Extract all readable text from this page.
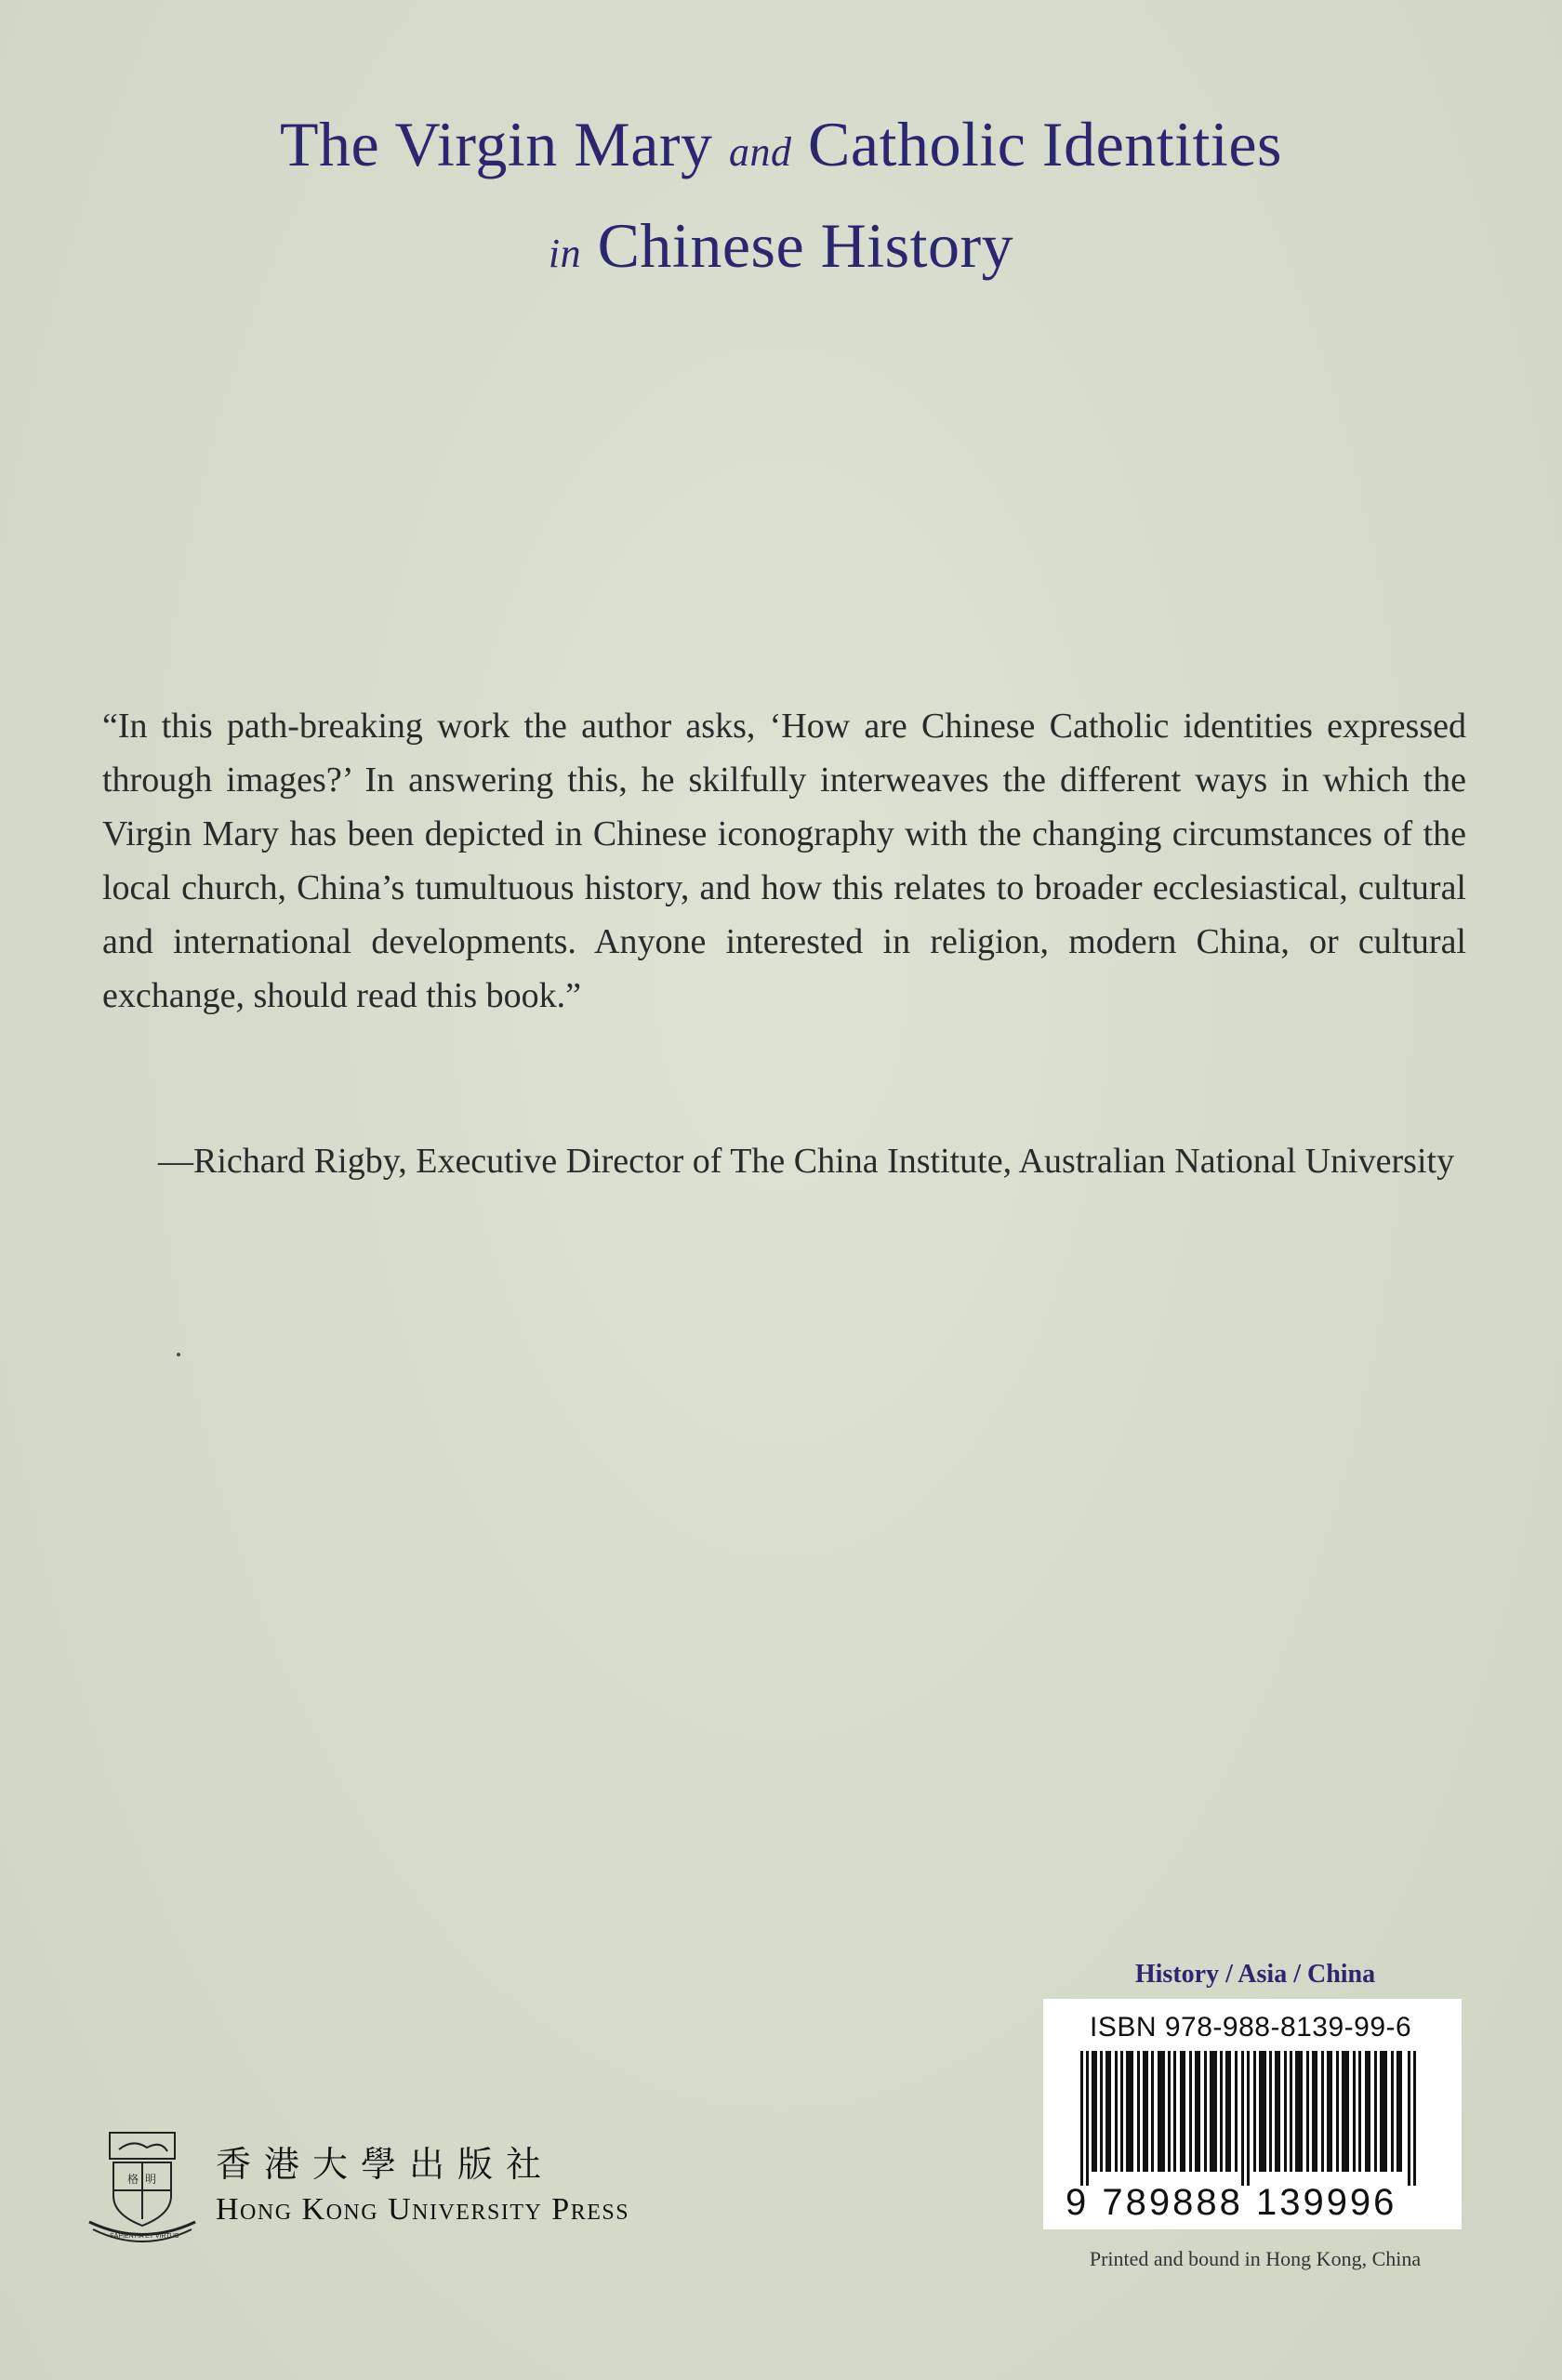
The Virgin Mary and Catholic Identities
in Chinese History
“In this path-breaking work the author asks, ‘How are Chinese Catholic identities expressed through images?’ In answering this, he skilfully interweaves the different ways in which the Virgin Mary has been depicted in Chinese iconography with the changing circumstances of the local church, China’s tumultuous history, and how this relates to broader ecclesiastical, cultural and international developments. Anyone interested in religion, modern China, or cultural exchange, should read this book.”
—Richard Rigby, Executive Director of The China Institute, Australian National University
History / Asia / China
ISBN 978-988-8139-99-6
9 789888 139996
Printed and bound in Hong Kong, China
格 明
SAPIENTIA ET VIRTUS
香港大學出版社
Hong Kong University Press
